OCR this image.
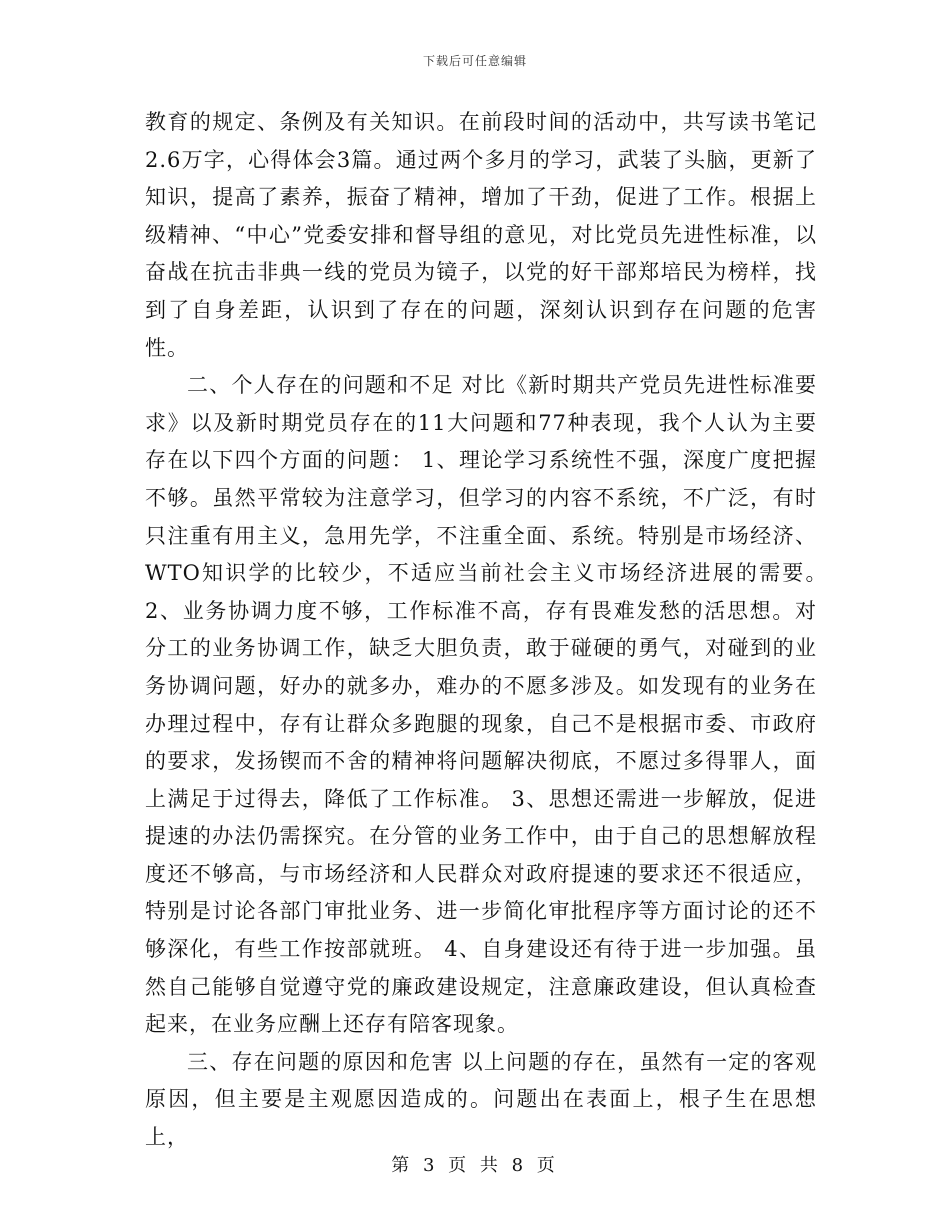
下载后可任意编辑

教育的规定、条例及有关知识。在前段时间的活动中，共写读书笔记2.6万字，心得体会3篇。通过两个多月的学习，武装了头脑，更新了知识，提高了素养，振奋了精神，增加了干劲，促进了工作。根据上级精神、“中心”党委安排和督导组的意见，对比党员先进性标准，以奋战在抗击非典一线的党员为镜子，以党的好干部郑培民为榜样，找到了自身差距，认识到了存在的问题，深刻认识到存在问题的危害性。

二、个人存在的问题和不足 对比《新时期共产党员先进性标准要求》以及新时期党员存在的11大问题和77种表现，我个人认为主要存在以下四个方面的问题： 1、理论学习系统性不强，深度广度把握不够。虽然平常较为注意学习，但学习的内容不系统，不广泛，有时只注重有用主义，急用先学，不注重全面、系统。特别是市场经济、WTO知识学的比较少，不适应当前社会主义市场经济进展的需要。　　2、业务协调力度不够，工作标准不高，存有畏难发愁的活思想。对分工的业务协调工作，缺乏大胆负责，敢于碰硬的勇气，对碰到的业务协调问题，好办的就多办，难办的不愿多涉及。如发现有的业务在办理过程中，存有让群众多跑腿的现象，自己不是根据市委、市政府的要求，发扬锲而不舍的精神将问题解决彻底，不愿过多得罪人，面上满足于过得去，降低了工作标准。 3、思想还需进一步解放，促进提速的办法仍需探究。在分管的业务工作中，由于自己的思想解放程度还不够高，与市场经济和人民群众对政府提速的要求还不很适应，特别是讨论各部门审批业务、进一步简化审批程序等方面讨论的还不够深化，有些工作按部就班。 4、自身建设还有待于进一步加强。虽然自己能够自觉遵守党的廉政建设规定，注意廉政建设，但认真检查起来，在业务应酬上还存有陪客现象。

三、存在问题的原因和危害 以上问题的存在，虽然有一定的客观原因，但主要是主观愿因造成的。问题出在表面上，根子生在思想上，

第 3 页 共 8 页
